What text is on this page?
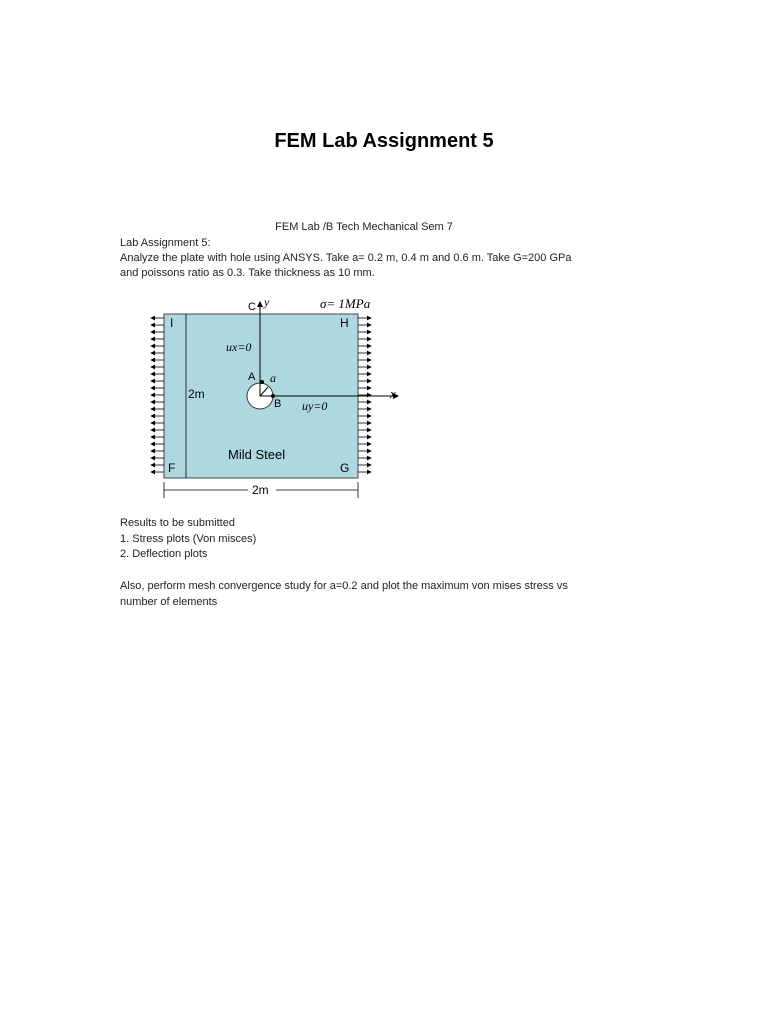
FEM Lab Assignment 5
FEM Lab /B Tech Mechanical Sem 7
Lab Assignment 5:
Analyze the plate with hole using ANSYS. Take a= 0.2 m, 0.4 m and 0.6 m. Take G=200 GPa
and poissons ratio as 0.3. Take thickness as 10 mm.
C y	σ= 1MPa
I	H
ux=0
A a
B uy=0
x
2m
Mild Steel
F	G
2m
Results to be submitted
1. Stress plots (Von misces)
2. Deflection plots
Also, perform mesh convergence study for a=0.2 and plot the maximum von mises stress vs
number of elements
